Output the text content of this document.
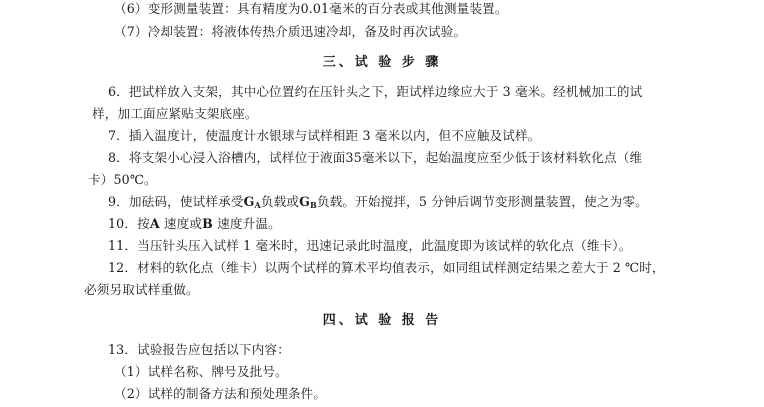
（6）变形测量装置：具有精度为0.01毫米的百分表或其他测量装置。
（7）冷却装置：将液体传热介质迅速冷却，备及时再次试验。
三、试 验 步 骤
6．把试样放入支架，其中心位置约在压针头之下，距试样边缘应大于 3 毫米。经机械加工的试
样，加工面应紧贴支架底座。
7．插入温度计，使温度计水银球与试样相距 3 毫米以内，但不应触及试样。
8．将支架小心浸入浴槽内，试样位于液面35毫米以下，起始温度应至少低于该材料软化点（维
卡）50℃。
9．加砝码，使试样承受$G_A$负载或$G_B$负载。开始搅拌，5 分钟后调节变形测量装置，使之为零。
10．按A 速度或B 速度升温。
11．当压针头压入试样 1 毫米时，迅速记录此时温度，此温度即为该试样的软化点（维卡）。
12．材料的软化点（维卡）以两个试样的算术平均值表示，如同组试样测定结果之差大于 2 ℃时，
必须另取试样重做。
四、试 验 报 告
13．试验报告应包括以下内容：
（1）试样名称、牌号及批号。
（2）试样的制备方法和预处理条件。
